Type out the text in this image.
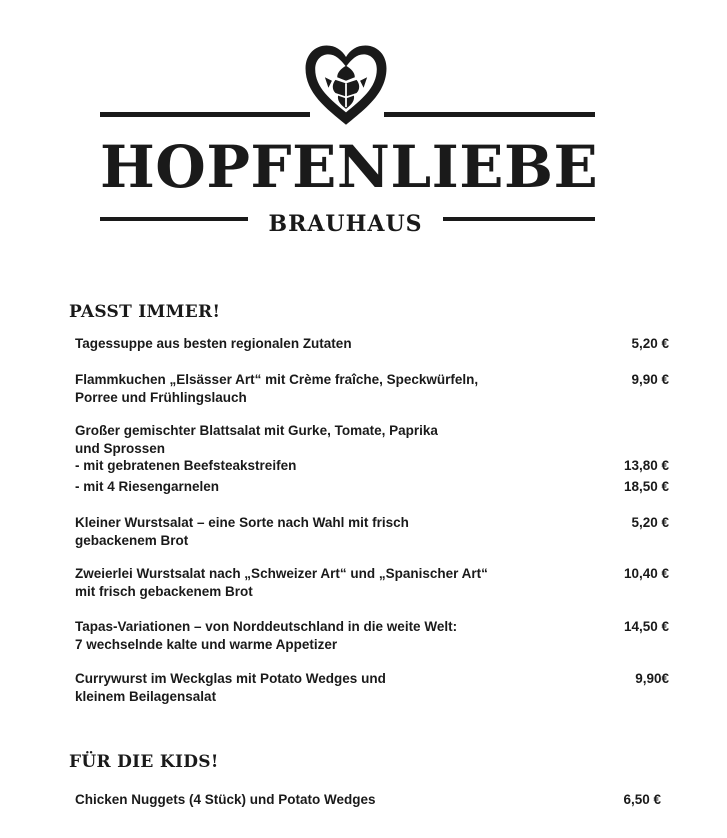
HOPFENLIEBE
BRAUHAUS
PASST IMMER!
Tagessuppe aus besten regionalen Zutaten	5,20 €
Flammkuchen „Elsässer Art“ mit Crème fraîche, Speckwürfeln,	9,90 €
Porree und Frühlingslauch
Großer gemischter Blattsalat mit Gurke, Tomate, Paprika
und Sprossen
- mit gebratenen Beefsteakstreifen	13,80 €
- mit 4 Riesengarnelen	18,50 €
Kleiner Wurstsalat – eine Sorte nach Wahl mit frisch	5,20 €
gebackenem Brot
Zweierlei Wurstsalat nach „Schweizer Art“ und „Spanischer Art“	10,40 €
mit frisch gebackenem Brot
Tapas-Variationen – von Norddeutschland in die weite Welt:	14,50 €
7 wechselnde kalte und warme Appetizer
Currywurst im Weckglas mit Potato Wedges und	9,90€
kleinem Beilagensalat
FÜR DIE KIDS!
Chicken Nuggets (4 Stück) und Potato Wedges	6,50 €
